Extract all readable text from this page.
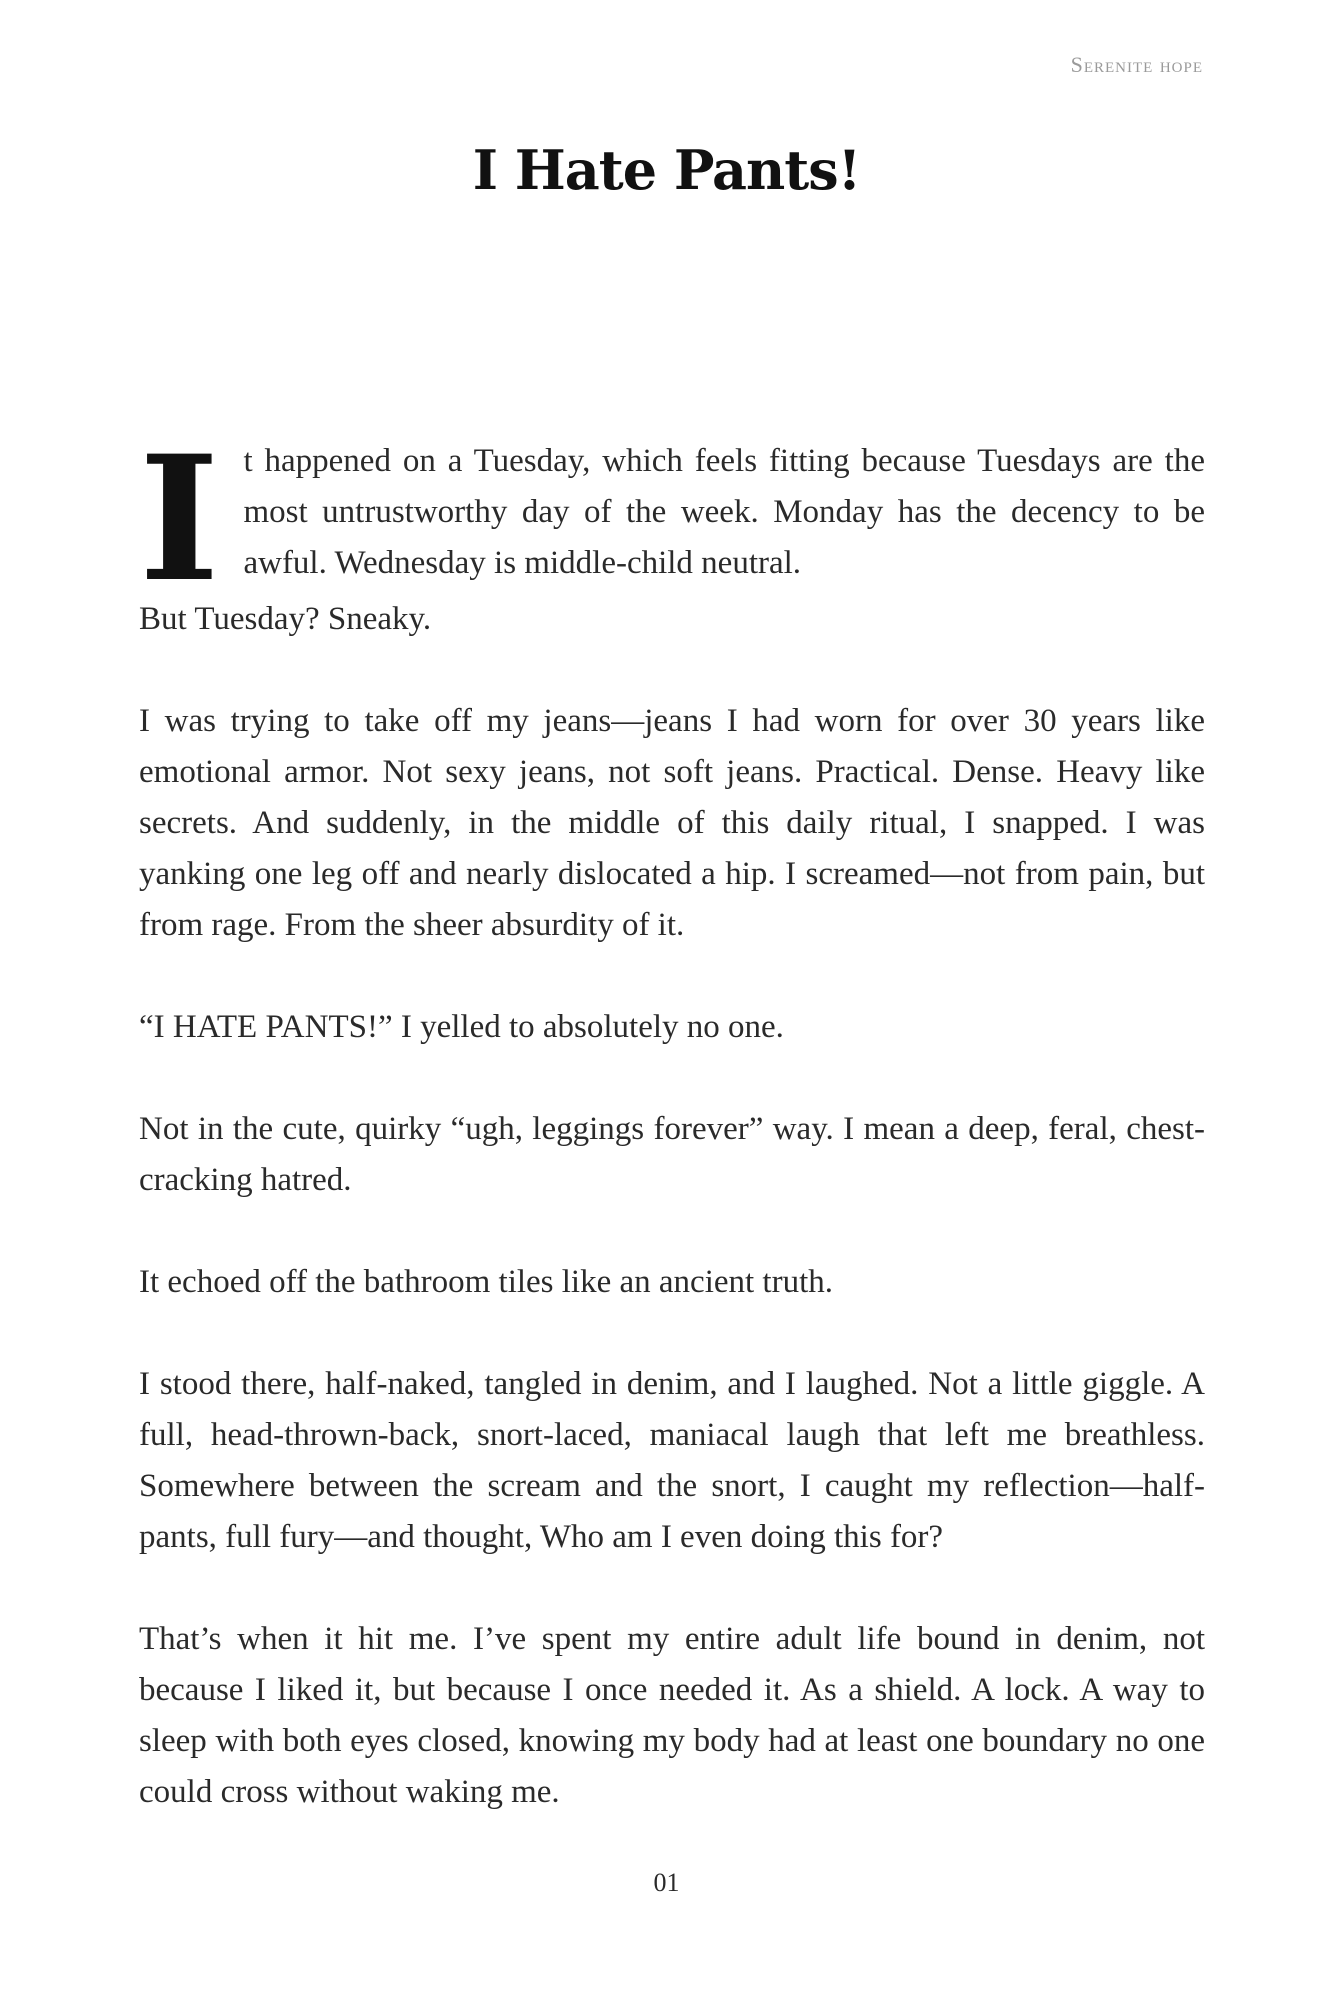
Serenite hope
I Hate Pants!

It happened on a Tuesday, which feels fitting because Tuesdays are the most untrustworthy day of the week. Monday has the decency to be awful. Wednesday is middle-child neutral.

But Tuesday? Sneaky.

I was trying to take off my jeans—jeans I had worn for over 30 years like emotional armor. Not sexy jeans, not soft jeans. Practical. Dense. Heavy like secrets. And suddenly, in the middle of this daily ritual, I snapped. I was yanking one leg off and nearly dislocated a hip. I screamed—not from pain, but from rage. From the sheer absurdity of it.

“I HATE PANTS!” I yelled to absolutely no one.

Not in the cute, quirky “ugh, leggings forever” way. I mean a deep, feral, chest-cracking hatred.

It echoed off the bathroom tiles like an ancient truth.

I stood there, half-naked, tangled in denim, and I laughed. Not a little giggle. A full, head-thrown-back, snort-laced, maniacal laugh that left me breathless. Somewhere between the scream and the snort, I caught my reflection—half-pants, full fury—and thought, Who am I even doing this for?

That’s when it hit me. I’ve spent my entire adult life bound in denim, not because I liked it, but because I once needed it. As a shield. A lock. A way to sleep with both eyes closed, knowing my body had at least one boundary no one could cross without waking me.

01
